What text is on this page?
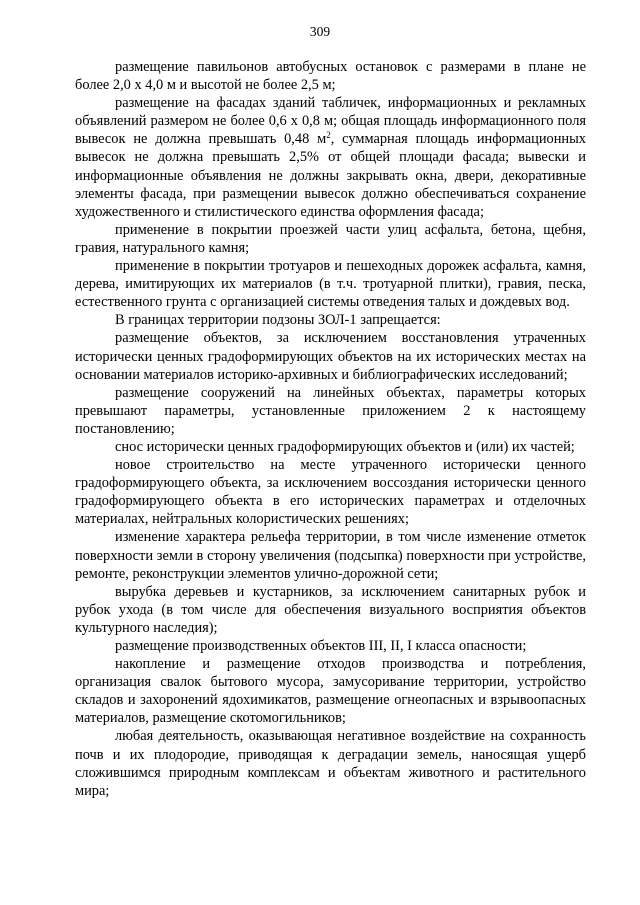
309

размещение павильонов автобусных остановок с размерами в плане не более 2,0 х 4,0 м и высотой не более 2,5 м;

размещение на фасадах зданий табличек, информационных и рекламных объявлений размером не более 0,6 х 0,8 м; общая площадь информационного поля вывесок не должна превышать 0,48 $м^2$, суммарная площадь информационных вывесок не должна превышать 2,5% от общей площади фасада; вывески и информационные объявления не должны закрывать окна, двери, декоративные элементы фасада, при размещении вывесок должно обеспечиваться сохранение художественного и стилистического единства оформления фасада;

применение в покрытии проезжей части улиц асфальта, бетона, щебня, гравия, натурального камня;

применение в покрытии тротуаров и пешеходных дорожек асфальта, камня, дерева, имитирующих их материалов (в т.ч. тротуарной плитки), гравия, песка, естественного грунта с организацией системы отведения талых и дождевых вод.

В границах территории подзоны ЗОЛ-1 запрещается:

размещение объектов, за исключением восстановления утраченных исторически ценных градоформирующих объектов на их исторических местах на основании материалов историко-архивных и библиографических исследований;

размещение сооружений на линейных объектах, параметры которых превышают параметры, установленные приложением 2 к настоящему постановлению;

снос исторически ценных градоформирующих объектов и (или) их частей;

новое строительство на месте утраченного исторически ценного градоформирующего объекта, за исключением воссоздания исторически ценного градоформирующего объекта в его исторических параметрах и отделочных материалах, нейтральных колористических решениях;

изменение характера рельефа территории, в том числе изменение отметок поверхности земли в сторону увеличения (подсыпка) поверхности при устройстве, ремонте, реконструкции элементов улично-дорожной сети;

вырубка деревьев и кустарников, за исключением санитарных рубок и рубок ухода (в том числе для обеспечения визуального восприятия объектов культурного наследия);

размещение производственных объектов III, II, I класса опасности;

накопление и размещение отходов производства и потребления, организация свалок бытового мусора, замусоривание территории, устройство складов и захоронений ядохимикатов, размещение огнеопасных и взрывоопасных материалов, размещение скотомогильников;

любая деятельность, оказывающая негативное воздействие на сохранность почв и их плодородие, приводящая к деградации земель, наносящая ущерб сложившимся природным комплексам и объектам животного и растительного мира;
